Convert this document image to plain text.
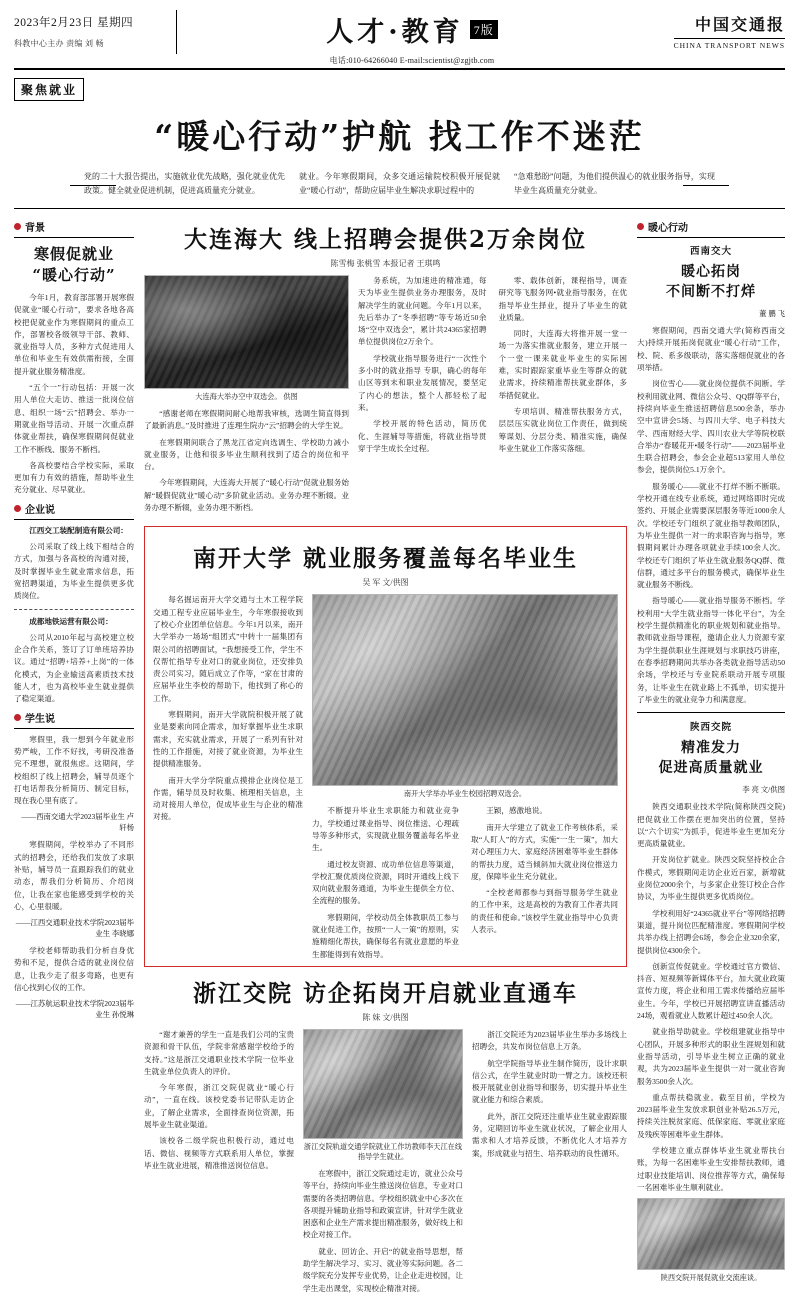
2023年2月23日 星期四
科教中心主办 责编 刘 畅	人才·教育 7版
电话:010-64266040 E-mail:scientist@zgjtb.com
中国交通报
CHINA TRANSPORT NEWS
聚焦就业
“暖心行动”护航 找工作不迷茫
党的二十大报告提出，实施就业优先战略，强化就业优先政策。健全就业促进机制，促进高质量充分就业。
就业。今年寒假期间，众多交通运输院校积极开展促就业“暖心行动”，帮助应届毕业生解决求职过程中的
“急难愁盼”问题，为他们提供温心的就业服务指导，实现毕业生高质量充分就业。
背景
寒假促就业
“暖心行动”

今年1月，教育部部署开展寒假促就业“暖心行动”，要求各地各高校把促就业作为寒假期间的重点工作，部署校各级领导干部、教师、就业指导人员，多种方式促进用人单位和毕业生有效供需衔接，全面提升就业服务精准度。

“五个一”行动包括：开展一次用人单位大走访、推送一批岗位信息、组织一场“云”招聘会、举办一期就业指导活动、开展一次重点群体就业帮扶，确保寒假期间促就业工作不断线、服务不断档。

各高校要结合学校实际，采取更加有力有效的措施，帮助毕业生充分就业、尽早就业。

企业说

江西交工装配制造有限公司：

公司采取了线上线下相结合的方式，加强与各高校的沟通对接，及时掌握毕业生就业需求信息，拓宽招聘渠道，为毕业生提供更多优质岗位。

成都地铁运营有限公司：

公司从2010年起与高校建立校企合作关系，签订了订单班培养协议。通过“招聘+培养+上岗”的一体化模式，为企业输送高素质技术技能人才，也为高校毕业生就业提供了稳定渠道。

学生说

寒假里，我一想到今年就业形势严峻，工作不好找，考研没准备完不理想，就很焦虑。这期间，学校组织了线上招聘会，辅导员逐个打电话帮我分析简历、制定目标，现在我心里有底了。

——西南交通大学2023届毕业生 卢轩杨

寒假期间，学校举办了不同形式的招聘会，还给我们发放了求职补贴，辅导员一直跟踪我们的就业动态，帮我们分析简历、介绍岗位，让我在家也能感受到学校的关心，心里很暖。

——江西交通职业技术学院2023届毕业生 李晓娜

学校老师帮助我们分析自身优势和不足，提供合适的就业岗位信息，让我少走了很多弯路，也更有信心找到心仪的工作。

——江苏航运职业技术学院2023届毕业生 孙悦琳
大连海大 线上招聘会提供2万余岗位
陈雪梅 张桃雪 本报记者 王琪鸣
大连海大举办空中双选会。 供图

“感谢老师在寒假期间耐心地帮我审核，选调生简直得到了最新消息。”及时推进了连理生院办“云”招聘会的大学生说。

在寒假期间联合了黑龙江省定向选调生、学校助力减小就业服务，让他和很多毕业生顺利找到了适合的岗位和平台。

今年寒假期间，大连海大开展了“暖心行动”促就业服务始解“暖假促就业”暖心动”多阶就业活动。业务办理不断辍。业务办理不断辍，业务办理不断档。

务系统，为加速进的精准通，每天为毕业生提供业务办理服务，及时解决学生的就业问题。今年1月以来，先后举办了“冬季招聘”等专场近50余场“空中双选会”，累计共24365家招聘单位提供岗位2万余个。

学校就业指导服务进行“一次性个多小时的就业指导 专职，确心的每年山区等到末和职业发展情况，要坚定了内心的想法，整个人都轻松了起来。

学校开展的特色活动，简历优化、生涯辅导等措施，将就业指导贯穿于学生成长全过程。

零、载体创新，课程指导，调查研究等飞服务网•就业指导服务，在优指导毕业生择业，提升了毕业生的就业质量。

同时，大连海大将推开展一堂一场一为落实推就业服务，建立开展一个一堂一课来就业毕业生的实际困难，实时跟踪家重毕业生等群众的就业需求，持续精准帮扶就业群体，多举措促就业。

专项培训、精准帮扶服务方式，层层压实就业岗位工作责任，做到统筹谋划、分层分类、精准实施，确保毕业生就业工作落实落细。

南开大学 就业服务覆盖每名毕业生
吴 军 文/供图

每名掘运南开大学交通与土木工程学院交通工程专业应届毕业生，今年寒假接收到了校心介业团单位信息。今年1月以来，南开大学举办一场场“组团式”中转十一届集团有限公司的招聘面试，“我想接受工作，学生不仅帮忙指导专业对口的就业岗位，还安排负责公司实习，随后成立了作等，“家在甘肃的应届毕业生李校的帮助下，他找到了称心的工作。

寒假期间，南开大学就院积极开展了就业是要素向同企需求，加好掌握毕业生求职需求，充实就业需求，开展了一系列有针对性的工作措施，对接了就业资源，为毕业生提供精准服务。

南开大学分学院重点摸排企业岗位是工作需，辅导员及时收集、梳理相关信息，主动对接用人单位，促成毕业生与企业的精准对接。

南开大学举办毕业生校园招聘双选会。

不断提升毕业生求职能力和就业竞争力，学校通过课业指导、岗位推送、心理疏导等多种形式，实现就业服务覆盖每名毕业生。

通过校友资源、成功单位信息等渠道，学校汇聚优质岗位资源，同时开通线上线下双向就业服务通道，为毕业生提供全方位、全流程的服务。

寒假期间，学校动员全体教职员工参与就业促进工作，按照“一人一策”的原则，实施精细化帮扶，确保每名有就业意愿的毕业生都能得到有效指导。

王颖，感激地说。

南开大学建立了就业工作考核体系，采取“人盯人”的方式，实施“一生一策”，加大对心理压力大、家庭经济困难等毕业生群体的帮扶力度，适当倾斜加大就业岗位推送力度，保障毕业生充分就业。

“全校老师都参与到指导服务学生就业的工作中来，这是高校的为教育工作者共同的责任和使命。”该校学生就业指导中心负责人表示。

浙江交院 访企拓岗开启就业直通车
陈 妹 文/供图

“谢才兼善的学生一直是我们公司的宝贵资源和骨干队伍，学院非常感谢学校给予的支持。”这是浙江交通职业技术学院一位毕业生就业单位负责人的评价。

今年寒假，浙江交院促就业“暖心行动”，一直在线。该校党委书记带队走访企业，了解企业需求，全面排查岗位资源，拓展毕业生就业渠道。

该校各二级学院也积极行动，通过电话、微信、视频等方式联系用人单位，掌握毕业生就业进展，精准推送岗位信息。

浙江交院轨道交通学院就业工作坊教师李天江在线指导学生就业。

在寒假中，浙江交院通过走访，就业公众号等平台，持续向毕业生推送岗位信息，专业对口需要的各类招聘信息。学校组织就业中心多次在各项提升辅助业指导和政策宣讲，针对学生就业困惑和企业生产需求提出精准服务，做好线上和校企对接工作。

就业、回访企、开启“的就业指导思想，帮助学生解决学习、实习、就业等实际问题。各二级学院充分发挥专业优势，让企业走进校园，让学生走出课堂，实现校企精准对接。

浙江交院还为2023届毕业生举办多场线上招聘会，共发布岗位信息上万条。

航空学院指导毕业生制作简历，设计求职信公式，在学生就业时助一臂之力。该校还积极开展就业创业指导和服务，切实提升毕业生就业能力和综合素质。

此外，浙江交院还注重毕业生就业跟踪服务，定期回访毕业生就业状况，了解企业用人需求和人才培养反馈，不断优化人才培养方案，形成就业与招生、培养联动的良性循环。

暖心行动
西南交大
暖心拓岗
不间断不打烊
董 鹏 飞

寒假期间，西南交通大学(简称西南交大)持续开展拓岗促就业“暖心行动”工作，校、院、系多级联动，落实落细促就业的各项举措。

岗位雪心——就业岗位提供不间断。学校利用就业网、微信公众号、QQ群等平台，持续向毕业生推送招聘信息500余条，举办空中宣讲会5场、与四川大学、电子科技大学、西南财经大学、四川农业大学等院校联合举办“春暖花开•暖冬行动”——2023届毕业生联合招聘会，参会企业超513家用人单位参会，提供岗位5.1万余个。

服务暖心——就业不打烊不断不断联。学校开通在线专业系统，通过网络即时完成签约、开展企业需要深层服务等近1000余人次。学校还专门组织了就业指导教师团队，为毕业生提供一对一的求职咨询与指导，寒假期间累计办理各项就业手续100余人次。学校还专门组织了毕业生就业服务QQ群、微信群，通过多平台的服务模式，确保毕业生就业服务不断线。

指导暖心——就业指导服务不断档。学校利用“大学生就业指导一体化平台”，为全校学生提供精准化的职业规划和就业指导。教师就业指导课程，邀请企业人力资源专家为学生提供职业生涯规划与求职技巧讲座，在春季招聘期间共举办各类就业指导活动50余场，学校还与专业院系联动开展专项服务，让毕业生在就业路上不孤单，切实提升了毕业生的就业竞争力和满意度。

陕西交院
精准发力
促进高质量就业
李 亮 文/供图

陕西交通职业技术学院(简称陕西交院)把促就业工作摆在更加突出的位置，坚持以“六个切实”为抓手，促进毕业生更加充分更高质量就业。

开发岗位扩就业。陕西交院坚持校企合作模式，寒假期间走访企业近百家，新增就业岗位2000余个，与多家企业签订校企合作协议，为毕业生提供更多优质岗位。

学校利用好“24365就业平台”等网络招聘渠道，提升岗位匹配精准度。寒假期间学校共举办线上招聘会6场，参会企业320余家，提供岗位4300余个。

创新宣传促就业。学校通过官方微信、抖音、短视频等新媒体平台，加大就业政策宣传力度，将企业和用工需求传播给应届毕业生。今年，学校已开展招聘宣讲直播活动24场，观看就业人数累计超过450余人次。

就业指导助就业。学校组建就业指导中心团队，开展多种形式的职业生涯规划和就业指导活动，引导毕业生树立正确的就业观，共为2023届毕业生提供一对一就业咨询服务3500余人次。

重点帮扶稳就业。截至目前，学校为2023届毕业生发放求职创业补贴26.5万元，持续关注脱贫家庭、低保家庭、零就业家庭及残疾等困难毕业生群体。

学校建立重点群体毕业生就业帮扶台账，为每一名困难毕业生安排帮扶教师，通过职业技能培训、岗位推荐等方式，确保每一名困难毕业生顺利就业。

陕西交院开展促就业交流座谈。
